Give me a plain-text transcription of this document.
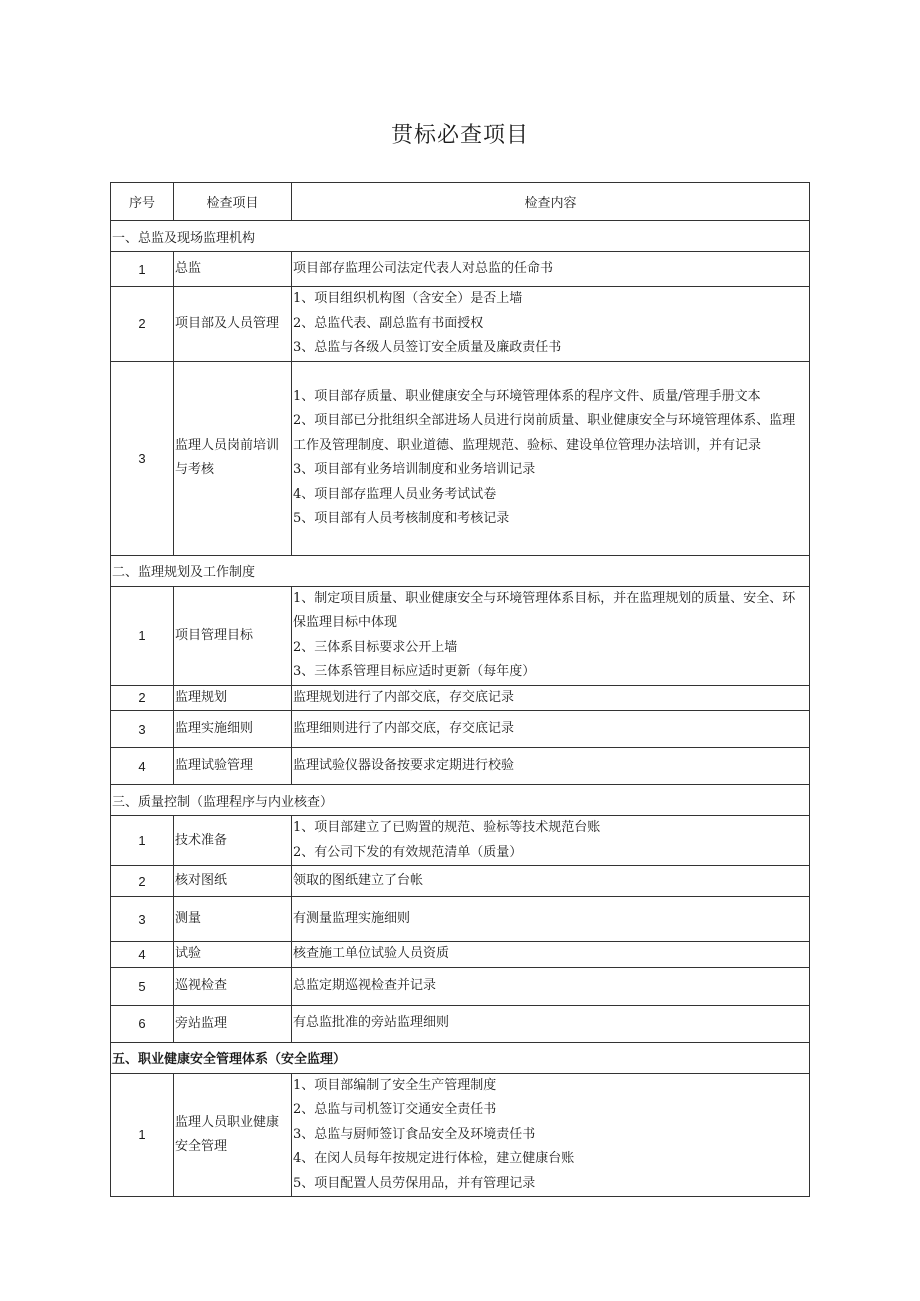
贯标必查项目
序号	检查项目	检查内容
一、总监及现场监理机构		
1	总监	项目部存监理公司法定代表人对总监的任命书

2	项目部及人员管理	1、项目组织机构图（含安全）是否上墙
2、总监代表、副总监有书面授权
3、总监与各级人员签订安全质量及廉政责任书

3	监理人员岗前培训与考核	1、项目部存质量、职业健康安全与环境管理体系的程序文件、质量/管理手册文本
2、项目部已分批组织全部进场人员进行岗前质量、职业健康安全与环境管理体系、监理工作及管理制度、职业道德、监理规范、验标、建设单位管理办法培训，并有记录
3、项目部有业务培训制度和业务培训记录
4、项目部存监理人员业务考试试卷
5、项目部有人员考核制度和考核记录

二、监理规划及工作制度		
1	项目管理目标	1、制定项目质量、职业健康安全与环境管理体系目标，并在监理规划的质量、安全、环保监理目标中体现
2、三体系目标要求公开上墙
3、三体系管理目标应适时更新（每年度）

2	监理规划	监理规划进行了内部交底，存交底记录

3	监理实施细则	监理细则进行了内部交底，存交底记录

4	监理试验管理	监理试验仪器设备按要求定期进行校验

三、质量控制（监理程序与内业核查）		
1	技术准备	1、项目部建立了已购置的规范、验标等技术规范台账
2、有公司下发的有效规范清单（质量）

2	核对图纸	领取的图纸建立了台帐

3	测量	有测量监理实施细则

4	试验	核查施工单位试验人员资质

5	巡视检查	总监定期巡视检查并记录

6	旁站监理	有总监批准的旁站监理细则

五、职业健康安全管理体系（安全监理）		
1	监理人员职业健康安全管理	1、项目部编制了安全生产管理制度
2、总监与司机签订交通安全责任书
3、总监与厨师签订食品安全及环境责任书
4、在闵人员每年按规定进行体检，建立健康台账
5、项目配置人员劳保用品，并有管理记录
